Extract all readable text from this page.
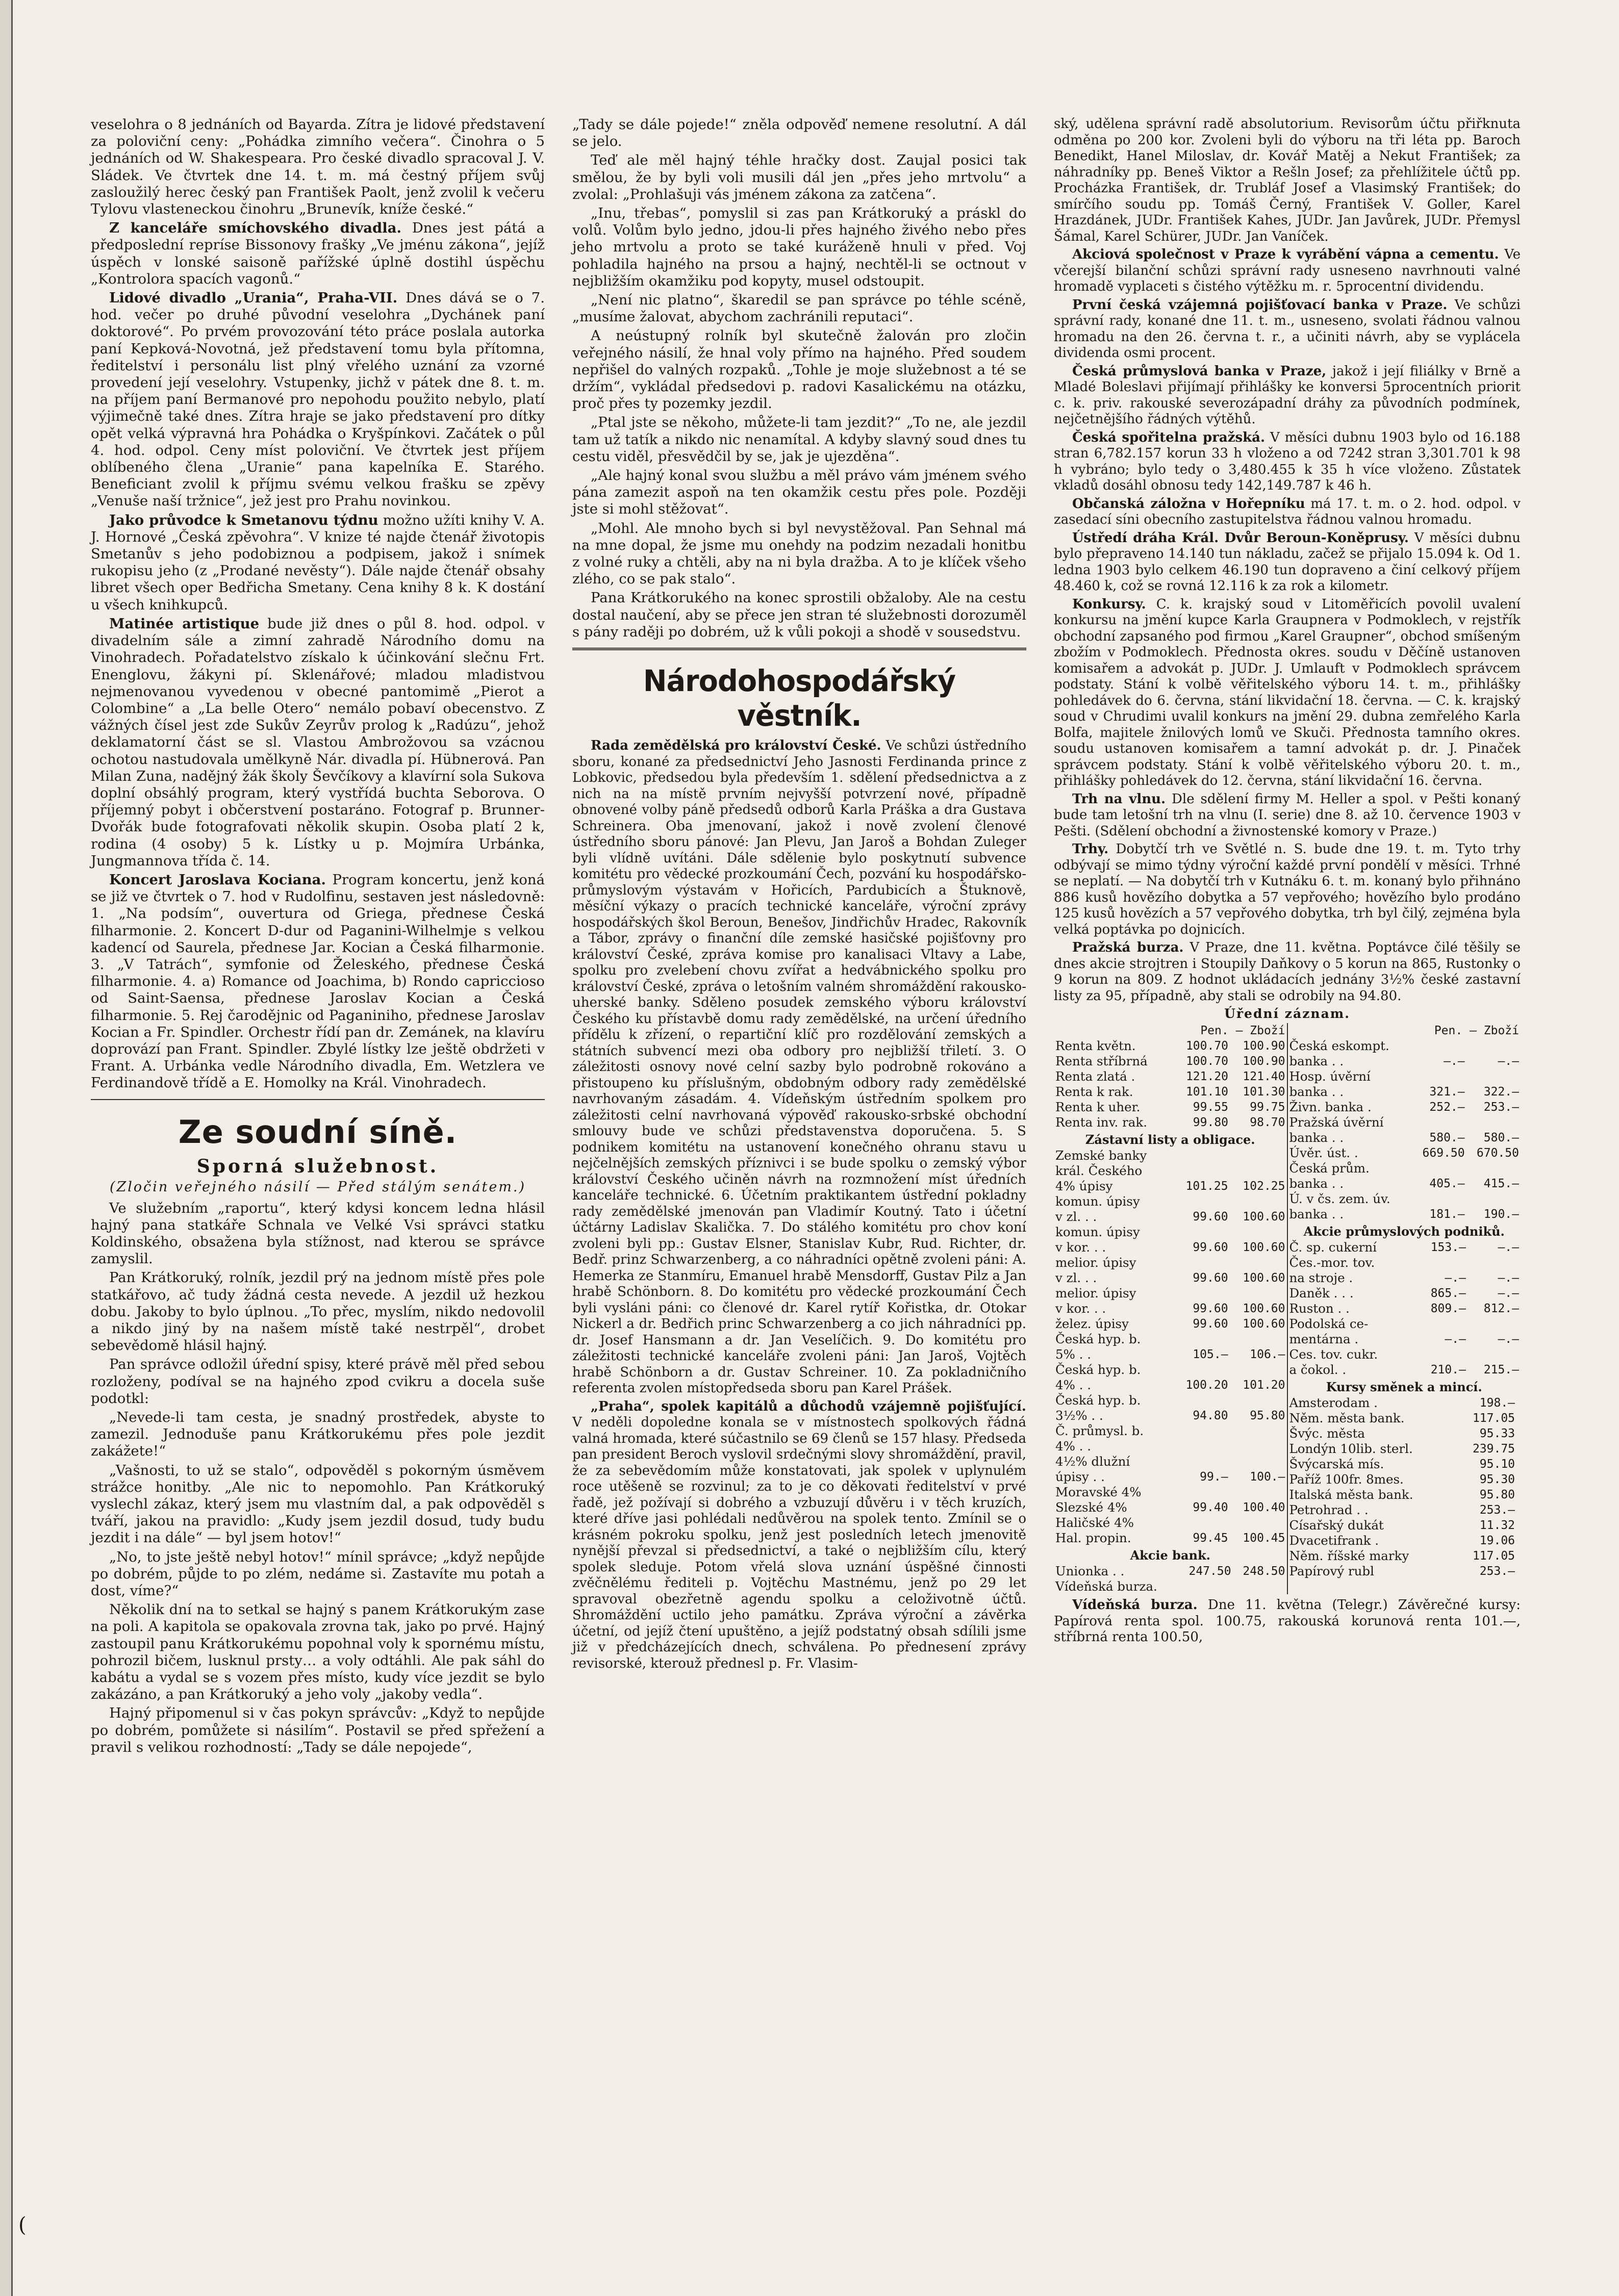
(

veselohra o 8 jednáních od Bayarda. Zítra je lidové představení za poloviční ceny: „Pohádka zimního večera“. Činohra o 5 jednáních od W. Shakespeara. Pro české divadlo spracoval J. V. Sládek. Ve čtvrtek dne 14. t. m. má čestný příjem svůj zasloužilý herec český pan František Paolt, jenž zvolil k večeru Tylovu vlasteneckou činohru „Brunevík, kníže české.“

Z kanceláře smíchovského divadla. Dnes jest pátá a předposlední repríse Bissonovy frašky „Ve jménu zákona“, jejíž úspěch v lonské saisoně pařížské úplně dostihl úspěchu „Kontrolora spacích vagonů.“

Lidové divadlo „Urania“, Praha-VII. Dnes dává se o 7. hod. večer po druhé původní veselohra „Dychánek paní doktorové“. Po prvém provozování této práce poslala autorka paní Kepková-Novotná, jež představení tomu byla přítomna, ředitelství i personálu list plný vřelého uznání za vzorné provedení její veselohry. Vstupenky, jichž v pátek dne 8. t. m. na příjem paní Bermanové pro nepohodu použito nebylo, platí výjimečně také dnes. Zítra hraje se jako představení pro dítky opět velká výpravná hra Pohádka o Kryšpínkovi. Začátek o půl 4. hod. odpol. Ceny míst poloviční. Ve čtvrtek jest příjem oblíbeného člena „Uranie“ pana kapelníka E. Starého. Beneficiant zvolil k příjmu svému velkou frašku se zpěvy „Venuše naší tržnice“, jež jest pro Prahu novinkou.

Jako průvodce k Smetanovu týdnu možno užíti knihy V. A. J. Hornové „Česká zpěvohra“. V knize té najde čtenář životopis Smetanův s jeho podobiznou a podpisem, jakož i snímek rukopisu jeho (z „Prodané nevěsty“). Dále najde čtenář obsahy libret všech oper Bedřicha Smetany. Cena knihy 8 k. K dostání u všech knihkupců.

Matinée artistique bude již dnes o půl 8. hod. odpol. v divadelním sále a zimní zahradě Národního domu na Vinohradech. Pořadatelstvo získalo k účinkování slečnu Frt. Enenglovu, žákyni pí. Sklenářové; mladou mladistvou nejmenovanou vyvedenou v obecné pantomimě „Pierot a Colombine“ a „La belle Otero“ nemálo pobaví obecenstvo. Z vážných čísel jest zde Sukův Zeyrův prolog k „Radúzu“, jehož deklamatorní část se sl. Vlastou Ambrožovou sa vzácnou ochotou nastudovala umělkyně Nár. divadla pí. Hübnerová. Pan Milan Zuna, nadějný žák školy Ševčíkovy a klavírní sola Sukova doplní obsáhlý program, který vystřídá buchta Seborova. O příjemný pobyt i občerstvení postaráno. Fotograf p. Brunner-Dvořák bude fotografovati několik skupin. Osoba platí 2 k, rodina (4 osoby) 5 k. Lístky u p. Mojmíra Urbánka, Jungmannova třída č. 14.

Koncert Jaroslava Kociana. Program koncertu, jenž koná se již ve čtvrtek o 7. hod v Rudolfinu, sestaven jest následovně: 1. „Na podsím“, ouvertura od Griega, přednese Česká filharmonie. 2. Koncert D-dur od Paganini-Wilhelmje s velkou kadencí od Saurela, přednese Jar. Kocian a Česká filharmonie. 3. „V Tatrách“, symfonie od Želeského, přednese Česká filharmonie. 4. a) Romance od Joachima, b) Rondo capriccioso od Saint-Saensa, přednese Jaroslav Kocian a Česká filharmonie. 5. Rej čarodějnic od Paganiniho, přednese Jaroslav Kocian a Fr. Spindler. Orchestr řídí pan dr. Zemánek, na klavíru doprovází pan Frant. Spindler. Zbylé lístky lze ještě obdržeti v Frant. A. Urbánka vedle Národního divadla, Em. Wetzlera ve Ferdinandově třídě a E. Homolky na Král. Vinohradech.

Ze soudní síně.
Sporná služebnost.
(Zločin veřejného násilí — Před stálým senátem.)

Ve služebním „raportu“, který kdysi koncem ledna hlásil hajný pana statkáře Schnala ve Velké Vsi správci statku Koldinského, obsažena byla stížnost, nad kterou se správce zamyslil.

Pan Krátkoruký, rolník, jezdil prý na jednom místě přes pole statkářovo, ač tudy žádná cesta nevede. A jezdil už hezkou dobu. Jakoby to bylo úplnou. „To přec, myslím, nikdo nedovolil a nikdo jiný by na našem místě také nestrpěl“, drobet sebevědomě hlásil hajný.

Pan správce odložil úřední spisy, které právě měl před sebou rozloženy, podíval se na hajného zpod cvikru a docela suše podotkl:

„Nevede-li tam cesta, je snadný prostředek, abyste to zamezil. Jednoduše panu Krátkorukému přes pole jezdit zakážete!“

„Vašnosti, to už se stalo“, odpověděl s pokorným úsměvem strážce honitby. „Ale nic to nepomohlo. Pan Krátkoruký vyslechl zákaz, který jsem mu vlastním dal, a pak odpověděl s tváří, jakou na pravidlo: „Kudy jsem jezdil dosud, tudy budu jezdit i na dále“ — byl jsem hotov!“

„No, to jste ještě nebyl hotov!“ mínil správce; „když nepůjde po dobrém, půjde to po zlém, nedáme si. Zastavíte mu potah a dost, víme?“

Několik dní na to setkal se hajný s panem Krátkorukým zase na poli. A kapitola se opakovala zrovna tak, jako po prvé. Hajný zastoupil panu Krátkorukému popohnal voly k spornému místu, pohrozil bičem, lusknul prsty… a voly odtáhli. Ale pak sáhl do kabátu a vydal se s vozem přes místo, kudy více jezdit se bylo zakázáno, a pan Krátkoruký a jeho voly „jakoby vedla“.

Hajný připomenul si v čas pokyn správcův: „Když to nepůjde po dobrém, pomůžete si násilím“. Postavil se před spřežení a pravil s velikou rozhodností: „Tady se dále nepojede“,

„Tady se dále pojede!“ zněla odpověď nemene resolutní. A dál se jelo.

Teď ale měl hajný téhle hračky dost. Zaujal posici tak smělou, že by byli voli musili dál jen „přes jeho mrtvolu“ a zvolal: „Prohlašuji vás jménem zákona za zatčena“.

„Inu, třebas“, pomyslil si zas pan Krátkoruký a práskl do volů. Volům bylo jedno, jdou-li přes hajného živého nebo přes jeho mrtvolu a proto se také kuráženě hnuli v před. Voj pohladila hajného na prsou a hajný, nechtěl-li se octnout v nejbližším okamžiku pod kopyty, musel odstoupit.

„Není nic platno“, škaredil se pan správce po téhle scéně, „musíme žalovat, abychom zachránili reputaci“.

A neústupný rolník byl skutečně žalován pro zločin veřejného násilí, že hnal voly přímo na hajného. Před soudem nepřišel do valných rozpaků. „Tohle je moje služebnost a té se držím“, vykládal předsedovi p. radovi Kasalickému na otázku, proč přes ty pozemky jezdil.

„Ptal jste se někoho, můžete-li tam jezdit?“ „To ne, ale jezdil tam už tatík a nikdo nic nenamítal. A kdyby slavný soud dnes tu cestu viděl, přesvědčil by se, jak je ujezděna“.

„Ale hajný konal svou službu a měl právo vám jménem svého pána zamezit aspoň na ten okamžik cestu přes pole. Později jste si mohl stěžovat“.

„Mohl. Ale mnoho bych si byl nevystěžoval. Pan Sehnal má na mne dopal, že jsme mu onehdy na podzim nezadali honitbu z volné ruky a chtěli, aby na ni byla dražba. A to je klíček všeho zlého, co se pak stalo“.

Pana Krátkorukého na konec sprostili obžaloby. Ale na cestu dostal naučení, aby se přece jen stran té služebnosti dorozuměl s pány raději po dobrém, už k vůli pokoji a shodě v sousedstvu.

Národohospodářský věstník.

Rada zemědělská pro království České. Ve schůzi ústředního sboru, konané za předsednictví Jeho Jasnosti Ferdinanda prince z Lobkovic, předsedou byla především 1. sdělení předsednictva a z nich na na místě prvním nejvyšší potvrzení nové, případně obnovené volby páně předsedů odborů Karla Práška a dra Gustava Schreinera. Oba jmenovaní, jakož i nově zvolení členové ústředního sboru pánové: Jan Plevu, Jan Jaroš a Bohdan Zuleger byli vlídně uvítáni. Dále sdělenie bylo poskytnutí subvence komitétu pro vědecké prozkoumání Čech, pozvání ku hospodářsko-průmyslovým výstavám v Hořicích, Pardubicích a Štuknově, měsíční výkazy o pracích technické kanceláře, výroční zprávy hospodářských škol Beroun, Benešov, Jindřichův Hradec, Rakovník a Tábor, zprávy o finanční díle zemské hasičské pojišťovny pro království České, zpráva komise pro kanalisaci Vltavy a Labe, spolku pro zvelebení chovu zvířat a hedvábnického spolku pro království České, zpráva o letošním valném shromáždění rakousko-uherské banky. Sděleno posudek zemského výboru království Českého ku přístavbě domu rady zemědělské, na určení úředního přídělu k zřízení, o repartiční klíč pro rozdělování zemských a státních subvencí mezi oba odbory pro nejbližší třiletí. 3. O záležitosti osnovy nové celní sazby bylo podrobně rokováno a přistoupeno ku příslušným, obdobným odbory rady zemědělské navrhovaným zásadám. 4. Vídeňským ústředním spolkem pro záležitosti celní navrhovaná výpověď rakousko-srbské obchodní smlouvy bude ve schůzi představenstva doporučena. 5. S podnikem komitétu na ustanovení konečného ohranu stavu u nejčelnějších zemských příznivci i se bude spolku o zemský výbor království Českého učiněn návrh na rozmnožení míst úředních kanceláře technické. 6. Účetním praktikantem ústřední pokladny rady zemědělské jmenován pan Vladimír Koutný. Tato i účetní účtárny Ladislav Skalička. 7. Do stálého komitétu pro chov koní zvoleni byli pp.: Gustav Elsner, Stanislav Kubr, Rud. Richter, dr. Bedř. prinz Schwarzenberg, a co náhradníci opětně zvoleni páni: A. Hemerka ze Stanmíru, Emanuel hrabě Mensdorff, Gustav Pilz a Jan hrabě Schönborn. 8. Do komitétu pro vědecké prozkoumání Čech byli vysláni páni: co členové dr. Karel rytíř Kořistka, dr. Otokar Nickerl a dr. Bedřich princ Schwarzenberg a co jich náhradníci pp. dr. Josef Hansmann a dr. Jan Veselíčich. 9. Do komitétu pro záležitosti technické kanceláře zvoleni páni: Jan Jaroš, Vojtěch hrabě Schönborn a dr. Gustav Schreiner. 10. Za pokladničního referenta zvolen místopředseda sboru pan Karel Prášek.

„Praha“, spolek kapitálů a důchodů vzájemně pojišťující. V neděli dopoledne konala se v místnostech spolkových řádná valná hromada, které súčastnilo se 69 členů se 157 hlasy. Předseda pan president Beroch vyslovil srdečnými slovy shromáždění, pravil, že za sebevědomím může konstatovati, jak spolek v uplynulém roce utěšeně se rozvinul; za to je co děkovati ředitelství v prvé řadě, jež požívají si dobrého a vzbuzují důvěru i v těch kruzích, které dříve jasi pohlédali nedůvěrou na spolek tento. Zmínil se o krásném pokroku spolku, jenž jest posledních letech jmenovitě nynější převzal si předsednictví, a také o nejbližším cílu, který spolek sleduje. Potom vřelá slova uznání úspěšné činnosti zvěčnělému řediteli p. Vojtěchu Mastnému, jenž po 29 let spravoval obezřetně agendu spolku a celoživotně účtů. Shromáždění uctilo jeho památku. Zpráva výroční a závěrka účetní, od jejíž čtení upuštěno, a jejíž podstatný obsah sdílili jsme již v předcházejících dnech, schválena. Po přednesení zprávy revisorské, kterouž přednesl p. Fr. Vlasim-

ský, udělena správní radě absolutorium. Revisorům účtu přiřknuta odměna po 200 kor. Zvoleni byli do výboru na tři léta pp. Baroch Benedikt, Hanel Miloslav, dr. Kovář Matěj a Nekut František; za náhradníky pp. Beneš Viktor a Rešln Josef; za přehlížitele účtů pp. Procházka František, dr. Trubláf Josef a Vlasimský František; do smírčího soudu pp. Tomáš Černý, František V. Goller, Karel Hrazdánek, JUDr. František Kahes, JUDr. Jan Javůrek, JUDr. Přemysl Šámal, Karel Schürer, JUDr. Jan Vaníček.

Akciová společnost v Praze k vyrábění vápna a cementu. Ve včerejší bilanční schůzi správní rady usneseno navrhnouti valné hromadě vyplaceti s čistého výtěžku m. r. 5procentní dividendu.

První česká vzájemná pojišťovací banka v Praze. Ve schůzi správní rady, konané dne 11. t. m., usneseno, svolati řádnou valnou hromadu na den 26. června t. r., a učiniti návrh, aby se vyplácela dividenda osmi procent.

Česká průmyslová banka v Praze, jakož i její filiálky v Brně a Mladé Boleslavi přijímají přihlášky ke konversi 5procentních priorit c. k. priv. rakouské severozápadní dráhy za původních podmínek, nejčetnějšího řádných výtěhů.

Česká spořitelna pražská. V měsíci dubnu 1903 bylo od 16.188 stran 6,782.157 korun 33 h vloženo a od 7242 stran 3,301.701 k 98 h vybráno; bylo tedy o 3,480.455 k 35 h více vloženo. Zůstatek vkladů dosáhl obnosu tedy 142,149.787 k 46 h.

Občanská záložna v Hořepníku má 17. t. m. o 2. hod. odpol. v zasedací síni obecního zastupitelstva řádnou valnou hromadu.

Ústředí dráha Král. Dvůr Beroun-Koněprusy. V měsíci dubnu bylo přepraveno 14.140 tun nákladu, začež se přijalo 15.094 k. Od 1. ledna 1903 bylo celkem 46.190 tun dopraveno a činí celkový příjem 48.460 k, což se rovná 12.116 k za rok a kilometr.

Konkursy. C. k. krajský soud v Litoměřicích povolil uvalení konkursu na jmění kupce Karla Graupnera v Podmoklech, v rejstřík obchodní zapsaného pod firmou „Karel Graupner“, obchod smíšeným zbožím v Podmoklech. Přednosta okres. soudu v Děčíně ustanoven komisařem a advokát p. JUDr. J. Umlauft v Podmoklech správcem podstaty. Stání k volbě věřitelského výboru 14. t. m., přihlášky pohledávek do 6. června, stání likvidační 18. června. — C. k. krajský soud v Chrudimi uvalil konkurs na jmění 29. dubna zemřelého Karla Bolfa, majitele žnilových lomů ve Skuči. Přednosta tamního okres. soudu ustanoven komisařem a tamní advokát p. dr. J. Pinaček správcem podstaty. Stání k volbě věřitelského výboru 20. t. m., přihlášky pohledávek do 12. června, stání likvidační 16. června.

Trh na vlnu. Dle sdělení firmy M. Heller a spol. v Pešti konaný bude tam letošní trh na vlnu (I. serie) dne 8. až 10. července 1903 v Pešti. (Sdělení obchodní a živnostenské komory v Praze.)

Trhy. Dobytčí trh ve Světlé n. S. bude dne 19. t. m. Tyto trhy odbývají se mimo týdny výroční každé první pondělí v měsíci. Trhné se neplatí. — Na dobytčí trh v Kutnáku 6. t. m. konaný bylo přihnáno 886 kusů hovězího dobytka a 57 vepřového; hovězího bylo prodáno 125 kusů hovězích a 57 vepřového dobytka, trh byl čilý, zejména byla velká poptávka po dojnicích.

Pražská burza. V Praze, dne 11. května. Poptávce čilé těšily se dnes akcie strojtren i Stoupily Daňkovy o 5 korun na 865, Rustonky o 9 korun na 809. Z hodnot ukládacích jednány 3½% české zastavní listy za 95, případně, aby stali se odrobily na 94.80.

Úřední záznam.
	Pen. — Zboží	
Renta květn.	100.70	100.90
Renta stříbrná	100.70	100.90
Renta zlatá .	121.20	121.40
Renta k rak.	101.10	101.30
Renta k uher.	99.55	99.75
Renta inv. rak.	99.80	98.70
Zástavní listy a obligace.
Zemské banky		
král. Českého		
4% úpisy	101.25	102.25
komun. úpisy		
v zl. . .	99.60	100.60
komun. úpisy		
v kor. . .	99.60	100.60
melior. úpisy		
v zl. . .	99.60	100.60
melior. úpisy		
v kor. . .	99.60	100.60
želez. úpisy	99.60	100.60
Česká hyp. b.		
5% . .	105.—	106.—
Česká hyp. b.		
4% . .	100.20	101.20
Česká hyp. b.		
3½% . .	94.80	95.80
Č. průmysl. b.		
4% . .		
4½% dlužní		
úpisy . .	99.—	100.—
Moravské 4%		
Slezské 4%	99.40	100.40
Haličské 4%		
Hal. propin.	99.45	100.45
Akcie bank.
Unionka . .	247.50	248.50
Vídeňská burza.		
	Pen. — Zboží	
Česká eskompt.		
banka . .	—.—	—.—
Hosp. úvěrní		
banka . .	321.—	322.—
Živn. banka .	252.—	253.—
Pražská úvěrní		
banka . .	580.—	580.—
Úvěr. úst. .	669.50	670.50
Česká prům.		
banka . .	405.—	415.—
Ú. v čs. zem. úv.		
banka . .	181.—	190.—
Akcie průmyslových podniků.
Č. sp. cukerní	153.—	—.—
Čes.-mor. tov.		
na stroje .	—.—	—.—
Daněk . . .	865.—	—.—
Ruston . .	809.—	812.—
Podolská ce-		
mentárna .	—.—	—.—
Ces. tov. cukr.		
a čokol. .	210.—	215.—
Kursy směnek a mincí.
Amsterodam .	198.—	
Něm. města bank.	117.05	
Švýc. města	95.33	
Londýn 10lib. sterl.	239.75	
Švýcarská mís.	95.10	
Paříž 100fr. 8mes.	95.30	
Italská města bank.	95.80	
Petrohrad . .	253.—	
Císařský dukát	11.32	
Dvacetifrank .	19.06	
Něm. říšské marky	117.05	
Papírový rubl	253.—	

Vídeňská burza. Dne 11. května (Telegr.) Závěrečné kursy: Papírová renta spol. 100.75, rakouská korunová renta 101.—, stříbrná renta 100.50,
